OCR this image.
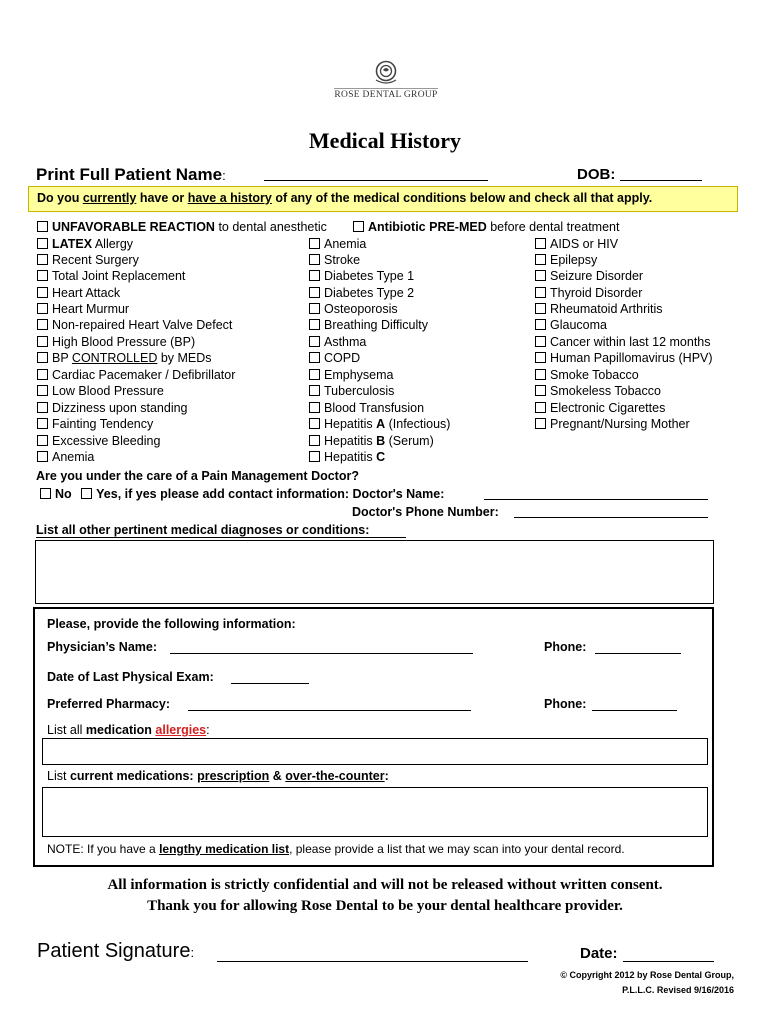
ROSE DENTAL GROUP
Medical History
Print Full Patient Name:	DOB:
Do you currently have or have a history of any of the medical conditions below and check all that apply.
UNFAVORABLE REACTION to dental anesthetic	Antibiotic PRE-MED before dental treatment
LATEX Allergy
Recent Surgery
Total Joint Replacement
Heart Attack
Heart Murmur
Non-repaired Heart Valve Defect
High Blood Pressure (BP)
BP CONTROLLED by MEDs
Cardiac Pacemaker / Defibrillator
Low Blood Pressure
Dizziness upon standing
Fainting Tendency
Excessive Bleeding
Anemia
Anemia
Stroke
Diabetes Type 1
Diabetes Type 2
Osteoporosis
Breathing Difficulty
Asthma
COPD
Emphysema
Tuberculosis
Blood Transfusion
Hepatitis A (Infectious)
Hepatitis B (Serum)
Hepatitis C
AIDS or HIV
Epilepsy
Seizure Disorder
Thyroid Disorder
Rheumatoid Arthritis
Glaucoma
Cancer within last 12 months
Human Papillomavirus (HPV)
Smoke Tobacco
Smokeless Tobacco
Electronic Cigarettes
Pregnant/Nursing Mother
Are you under the care of a Pain Management Doctor?
No Yes, if yes please add contact information: Doctor's Name:
Doctor's Phone Number:
List all other pertinent medical diagnoses or conditions:
Please, provide the following information:
Physician’s Name:	Phone:
Date of Last Physical Exam:
Preferred Pharmacy:	Phone:
List all medication allergies:
List current medications: prescription & over-the-counter:
NOTE: If you have a lengthy medication list, please provide a list that we may scan into your dental record.
All information is strictly confidential and will not be released without written consent.
Thank you for allowing Rose Dental to be your dental healthcare provider.
Patient Signature:	Date:
© Copyright 2012 by Rose Dental Group,
P.L.L.C. Revised 9/16/2016
